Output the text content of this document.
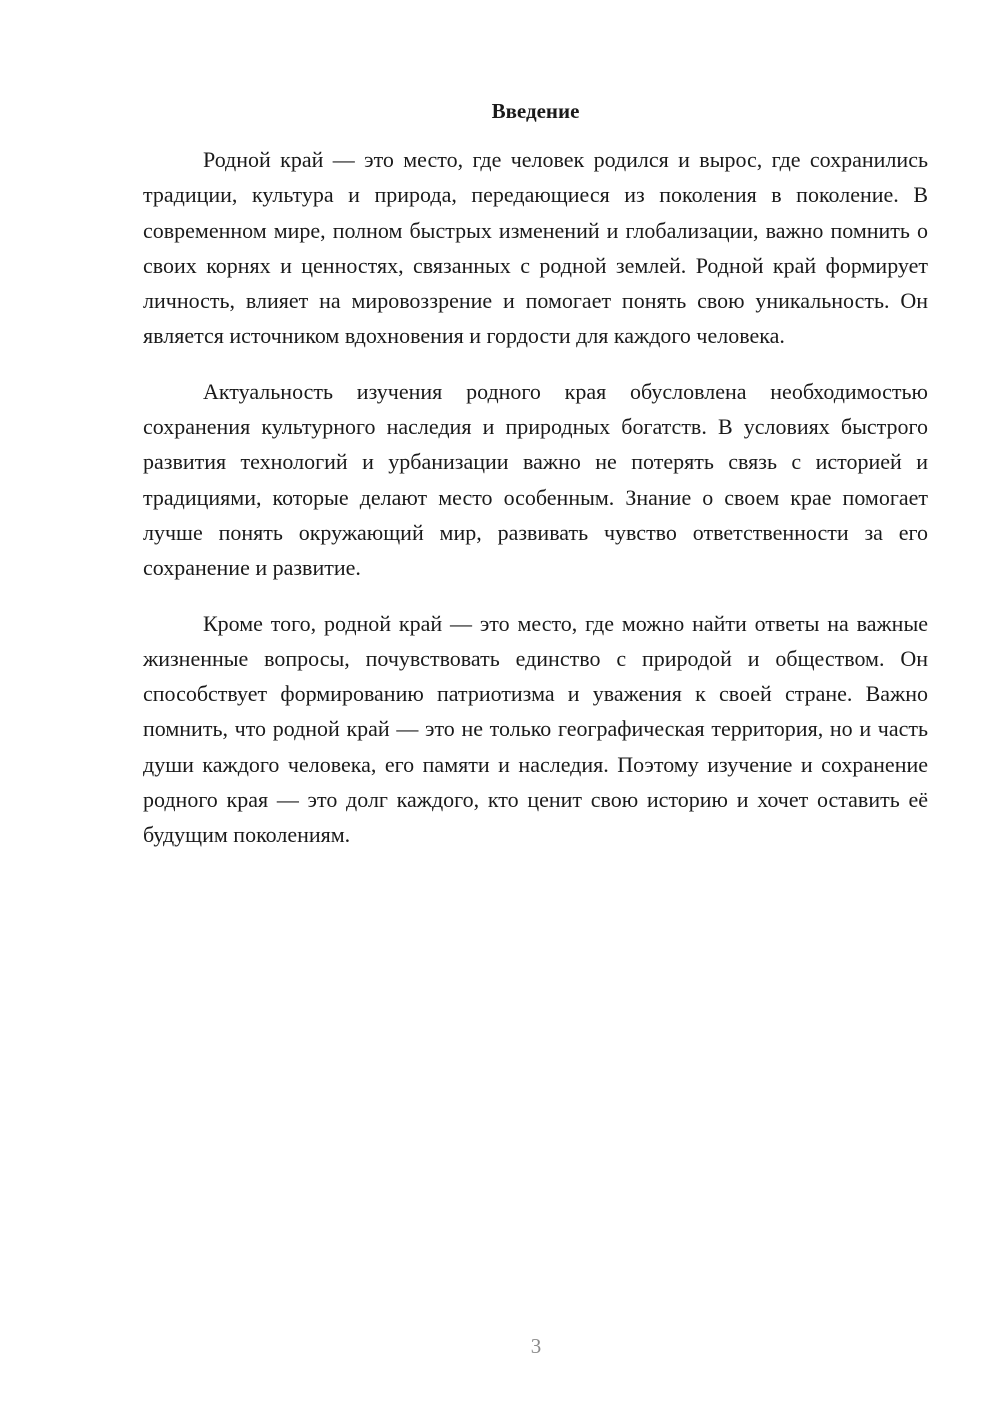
Введение

Родной край — это место, где человек родился и вырос, где сохранились традиции, культура и природа, передающиеся из поколения в поколение. В современном мире, полном быстрых изменений и глобализации, важно помнить о своих корнях и ценностях, связанных с родной землей. Родной край формирует личность, влияет на мировоззрение и помогает понять свою уникальность. Он является источником вдохновения и гордости для каждого человека.

Актуальность изучения родного края обусловлена необходимостью сохранения культурного наследия и природных богатств. В условиях быстрого развития технологий и урбанизации важно не потерять связь с историей и традициями, которые делают место особенным. Знание о своем крае помогает лучше понять окружающий мир, развивать чувство ответственности за его сохранение и развитие.

Кроме того, родной край — это место, где можно найти ответы на важные жизненные вопросы, почувствовать единство с природой и обществом. Он способствует формированию патриотизма и уважения к своей стране. Важно помнить, что родной край — это не только географическая территория, но и часть души каждого человека, его памяти и наследия. Поэтому изучение и сохранение родного края — это долг каждого, кто ценит свою историю и хочет оставить её будущим поколениям.

3
